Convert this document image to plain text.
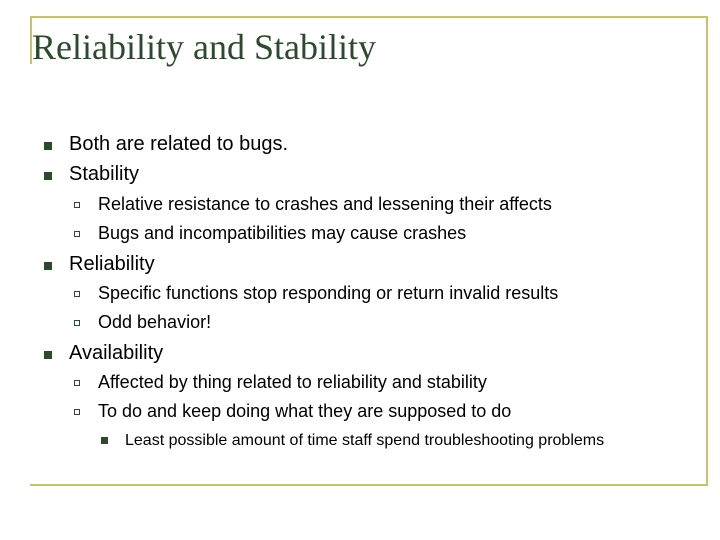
Reliability and Stability
Both are related to bugs.
Stability
Relative resistance to crashes and lessening their affects
Bugs and incompatibilities may cause crashes
Reliability
Specific functions stop responding or return invalid results
Odd behavior!
Availability
Affected by thing related to reliability and stability
To do and keep doing what they are supposed to do
Least possible amount of time staff spend troubleshooting problems
